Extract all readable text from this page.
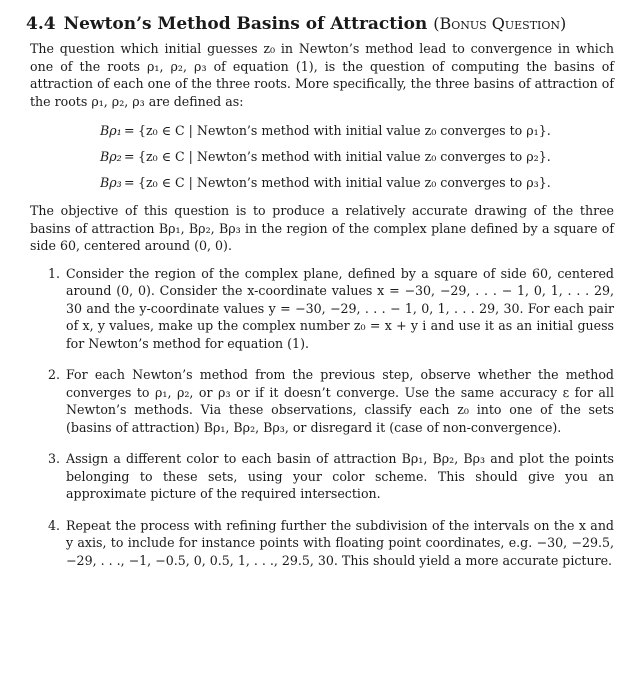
4.4 Newton’s Method Basins of Attraction (Bonus Question)

The question which initial guesses z₀ in Newton’s method lead to convergence in which one of the roots ρ₁, ρ₂, ρ₃ of equation (1), is the question of computing the basins of attraction of each one of the three roots. More specifically, the three basins of attraction of the roots ρ₁, ρ₂, ρ₃ are defined as:

Bρ₁ = {z₀ ∈ C | Newton’s method with initial value z₀ converges to ρ₁}.
Bρ₂ = {z₀ ∈ C | Newton’s method with initial value z₀ converges to ρ₂}.
Bρ₃ = {z₀ ∈ C | Newton’s method with initial value z₀ converges to ρ₃}.

The objective of this question is to produce a relatively accurate drawing of the three basins of attraction Bρ₁, Bρ₂, Bρ₃ in the region of the complex plane defined by a square of side 60, centered around (0, 0).

1. Consider the region of the complex plane, defined by a square of side 60, centered around (0, 0). Consider the x-coordinate values x = −30, −29, . . . − 1, 0, 1, . . . 29, 30 and the y-coordinate values y = −30, −29, . . . − 1, 0, 1, . . . 29, 30. For each pair of x, y values, make up the complex number z₀ = x + y i and use it as an initial guess for Newton’s method for equation (1).
2. For each Newton’s method from the previous step, observe whether the method converges to ρ₁, ρ₂, or ρ₃ or if it doesn’t converge. Use the same accuracy ε for all Newton’s methods. Via these observations, classify each z₀ into one of the sets (basins of attraction) Bρ₁, Bρ₂, Bρ₃, or disregard it (case of non-convergence).
3. Assign a different color to each basin of attraction Bρ₁, Bρ₂, Bρ₃ and plot the points belonging to these sets, using your color scheme. This should give you an approximate picture of the required intersection.
4. Repeat the process with refining further the subdivision of the intervals on the x and y axis, to include for instance points with floating point coordinates, e.g. −30, −29.5, −29, . . ., −1, −0.5, 0, 0.5, 1, . . ., 29.5, 30. This should yield a more accurate picture.
